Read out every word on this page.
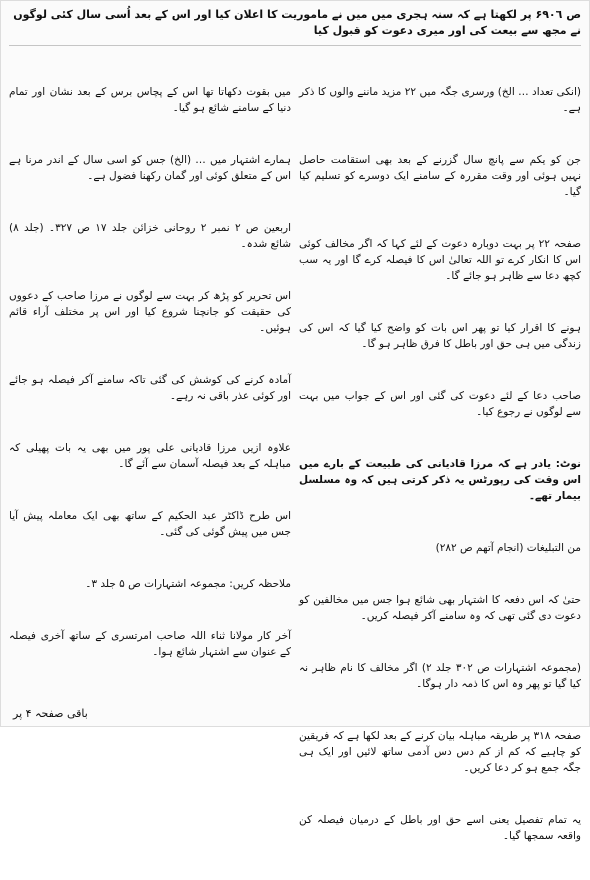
ص ۶۹۰٦ پر لکھتا ہے کہ سنہ ہجری میں میں نے ماموریت کا اعلان کیا اور اس کے بعد اُسی سال کئی لوگوں نے مجھ سے بیعت کی اور میری دعوت کو قبول کیا

(انکی تعداد … الخ) ورسری جگہ میں ۲۲ مزید ماننے والوں کا ذکر ہے۔

جن کو یکم سے پانچ سال گزرنے کے بعد بھی استقامت حاصل نہیں ہوئی اور وقت مقررہ کے سامنے ایک دوسرے کو تسلیم کیا گیا۔

صفحہ ۲۲ پر بہت دوبارہ دعوت کے لئے کہا کہ اگر مخالف کوئی اس کا انکار کرے تو اللہ تعالیٰ اس کا فیصلہ کرے گا اور یہ سب کچھ دعا سے ظاہر ہو جائے گا۔

ہونے کا اقرار کیا تو پھر اس بات کو واضح کیا گیا کہ اس کی زندگی میں ہی حق اور باطل کا فرق ظاہر ہو گا۔

صاحب دعا کے لئے دعوت کی گئی اور اس کے جواب میں بہت سے لوگوں نے رجوع کیا۔

نوٹ: یادر ہے کہ مرزا قادیانی کی طبیعت کے بارے میں اس وقت کی رپورٹس یہ ذکر کرتی ہیں کہ وہ مسلسل بیمار تھے۔

من التبلیغات (انجام آتھم ص ۲۸۲)

حتیٰ کہ اس دفعہ کا اشتہار بھی شائع ہوا جس میں مخالفین کو دعوت دی گئی تھی کہ وہ سامنے آکر فیصلہ کریں۔

(مجموعہ اشتہارات ص ۳۰۲ جلد ۲) اگر مخالف کا نام ظاہر نہ کیا گیا تو پھر وہ اس کا ذمہ دار ہوگا۔

صفحہ ۳۱۸ پر طریقہ مباہلہ بیان کرنے کے بعد لکھا ہے کہ فریقین کو چاہیے کہ کم از کم دس دس آدمی ساتھ لائیں اور ایک ہی جگہ جمع ہو کر دعا کریں۔

یہ تمام تفصیل یعنی اسے حق اور باطل کے درمیان فیصلہ کن واقعہ سمجھا گیا۔

میں بقوت دکھاتا تھا اس کے پچاس برس کے بعد نشان اور تمام دنیا کے سامنے شائع ہو گیا۔

ہمارے اشتہار میں … (الخ) جس کو اسی سال کے اندر مرنا ہے اس کے متعلق کوئی اور گمان رکھنا فضول ہے۔

اربعین ص ۲ نمبر ۲ روحانی خزائن جلد ۱۷ ص ۳۲۷۔ (جلد ۸) شائع شدہ۔

اس تحریر کو پڑھ کر بہت سے لوگوں نے مرزا صاحب کے دعووں کی حقیقت کو جانچنا شروع کیا اور اس پر مختلف آراء قائم ہوئیں۔

آمادہ کرنے کی کوشش کی گئی تاکہ سامنے آکر فیصلہ ہو جائے اور کوئی عذر باقی نہ رہے۔

علاوہ ازیں مرزا قادیانی علی پور میں بھی یہ بات پھیلی کہ مباہلہ کے بعد فیصلہ آسمان سے آئے گا۔

اس طرح ڈاکٹر عبد الحکیم کے ساتھ بھی ایک معاملہ پیش آیا جس میں پیش گوئی کی گئی۔

ملاحظہ کریں: مجموعہ اشتہارات ص ۵ جلد ۳۔

آخر کار مولانا ثناء اللہ صاحب امرتسری کے ساتھ آخری فیصلہ کے عنوان سے اشتہار شائع ہوا۔

باقی صفحہ ۴ پر
